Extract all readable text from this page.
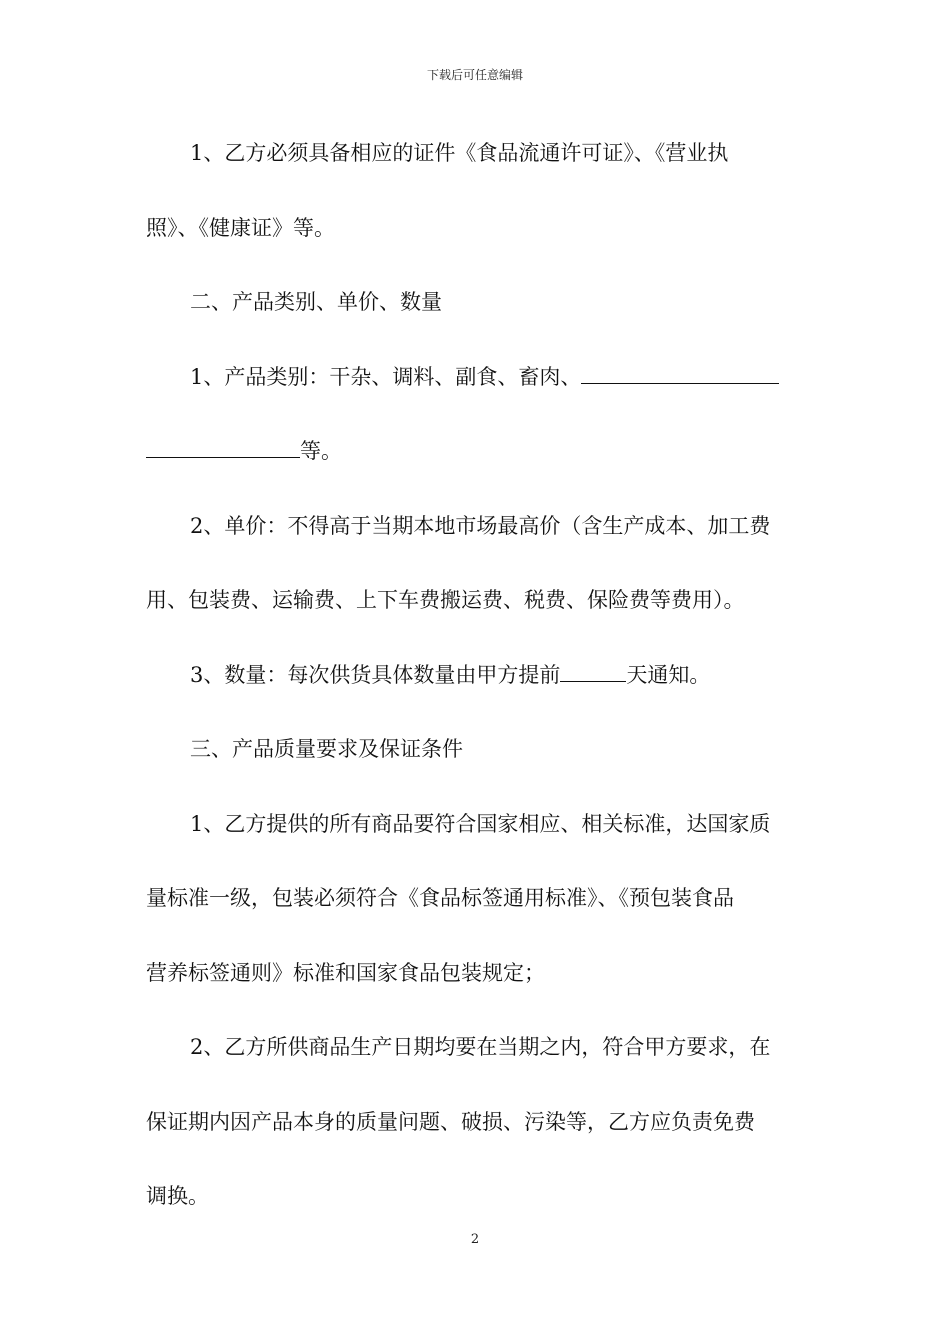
下载后可任意编辑
1、乙方必须具备相应的证件《食品流通许可证》、《营业执
照》、《健康证》等。
二、产品类别、单价、数量
1、产品类别：干杂、调料、副食、畜肉、
等。
2、单价：不得高于当期本地市场最高价（含生产成本、加工费
用、包装费、运输费、上下车费搬运费、税费、保险费等费用）。
3、数量：每次供货具体数量由甲方提前	天通知。
三、产品质量要求及保证条件
1、乙方提供的所有商品要符合国家相应、相关标准，达国家质
量标准一级，包装必须符合《食品标签通用标准》、《预包装食品
营养标签通则》标准和国家食品包装规定；
2、乙方所供商品生产日期均要在当期之内，符合甲方要求，在
保证期内因产品本身的质量问题、破损、污染等，乙方应负责免费
调换。
2
